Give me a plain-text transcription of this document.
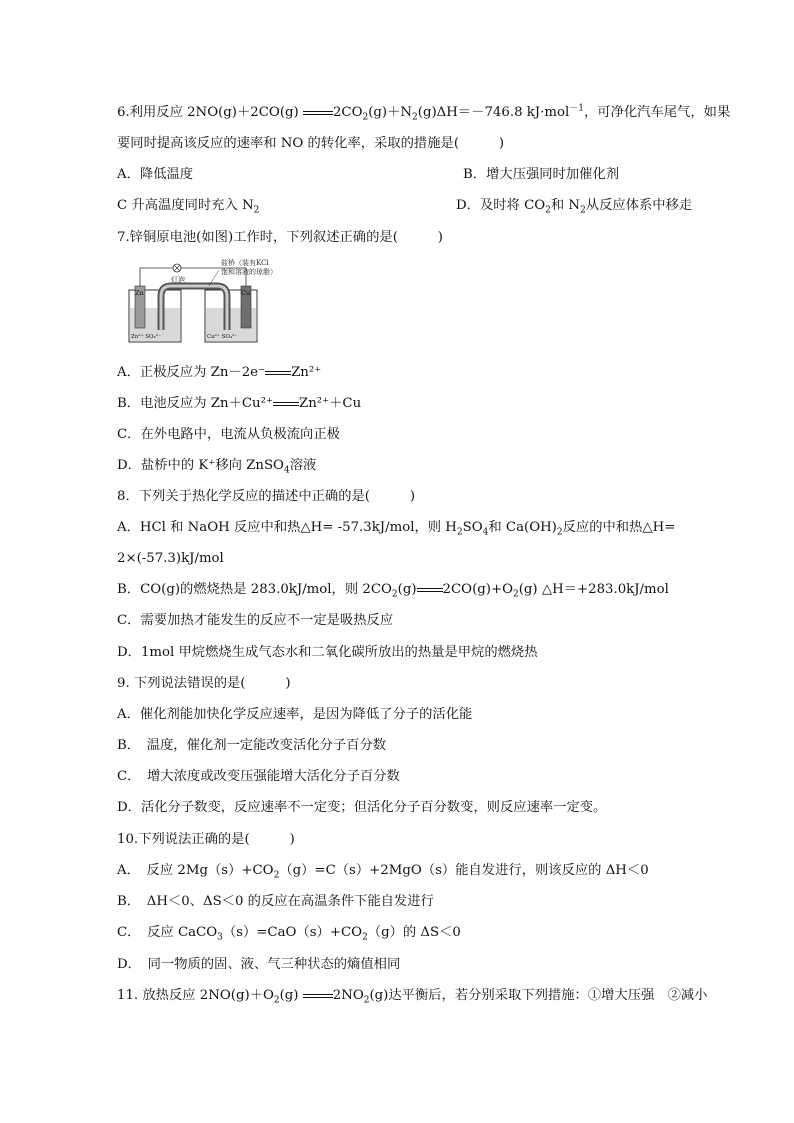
6.利用反应 2NO(g)＋2CO(g) $2CO_2(g)+N_2(g)\Delta H=-746.8$ kJ·mol$^{-1}$，可净化汽车尾气，如果
要同时提高该反应的速率和 NO 的转化率，采取的措施是(　　　)
A．降低温度	B．增大压强同时加催化剂
C 升高温度同时充入 $N_2$	D．及时将 $CO_2$和 $N_2$从反应体系中移走
7.锌铜原电池(如图)工作时，下列叙述正确的是(　　　)
灯泡
盐桥（装有KCl
饱和溶液的琼脂）
Zn	Cu
Zn²⁺ SO₄²⁻	Cu²⁺ SO₄²⁻
A．正极反应为 Zn－2e⁻ Zn²⁺
B．电池反应为 Zn＋Cu²⁺ Zn²⁺＋Cu
C．在外电路中，电流从负极流向正极
D．盐桥中的 K⁺移向 ZnSO$_4$溶液
8．下列关于热化学反应的描述中正确的是(　　　)
A．HCl 和 NaOH 反应中和热△H= -57.3kJ/mol，则 $H_2SO_4$和 $Ca(OH)_2$反应的中和热△H=
2×(-57.3)kJ/mol
B．CO(g)的燃烧热是 283.0kJ/mol，则 $2CO_2(g)$ $2CO(g)+O_2(g)$ △H＝+283.0kJ/mol
C．需要加热才能发生的反应不一定是吸热反应
D．1mol 甲烷燃烧生成气态水和二氧化碳所放出的热量是甲烷的燃烧热
9. 下列说法错误的是(　　　)
A．催化剂能加快化学反应速率，是因为降低了分子的活化能
B．　温度，催化剂一定能改变活化分子百分数
C．　增大浓度或改变压强能增大活化分子百分数
D．活化分子数变，反应速率不一定变；但活化分子百分数变，则反应速率一定变。
10.下列说法正确的是(　　　)
A．　反应 $2Mg(s)+CO_2(g)=C(s)+2MgO(s)$能自发进行，则该反应的 ΔH＜0
B．　ΔH＜0、ΔS＜0 的反应在高温条件下能自发进行
C．　反应 $CaCO_3(s)=CaO(s)+CO_2(g)$的 ΔS＜0
D．　同一物质的固、液、气三种状态的熵值相同
11. 放热反应 $2NO(g)+O_2(g)$ $2NO_2(g)$达平衡后，若分别采取下列措施：①增大压强　②减小
